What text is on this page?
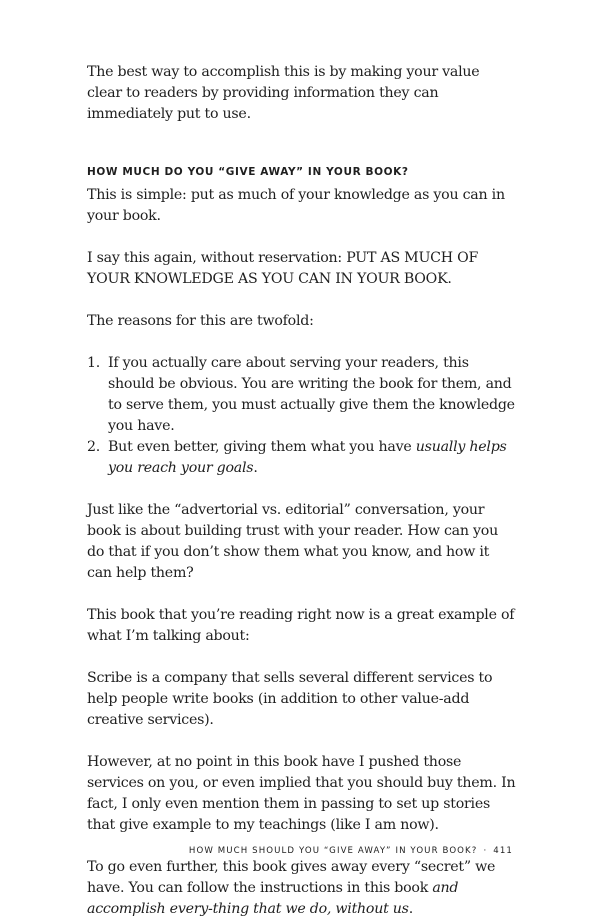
The best way to accomplish this is by making your value clear to readers by providing information they can immediately put to use.

HOW MUCH DO YOU “GIVE AWAY” IN YOUR BOOK?

This is simple: put as much of your knowledge as you can in your book.

I say this again, without reservation: PUT AS MUCH OF YOUR KNOWLEDGE AS YOU CAN IN YOUR BOOK.

The reasons for this are twofold:

1. If you actually care about serving your readers, this should be obvious. You are writing the book for them, and to serve them, you must actually give them the knowledge you have.
2. But even better, giving them what you have usually helps you reach your goals.

Just like the “advertorial vs. editorial” conversation, your book is about building trust with your reader. How can you do that if you don’t show them what you know, and how it can help them?

This book that you’re reading right now is a great example of what I’m talking about:

Scribe is a company that sells several different services to help people write books (in addition to other value-add creative services).

However, at no point in this book have I pushed those services on you, or even implied that you should buy them. In fact, I only even mention them in passing to set up stories that give example to my teachings (like I am now).

To go even further, this book gives away every “secret” we have. You can follow the instructions in this book and accomplish every-thing that we do, without us.

HOW MUCH SHOULD YOU “GIVE AWAY” IN YOUR BOOK? · 411
